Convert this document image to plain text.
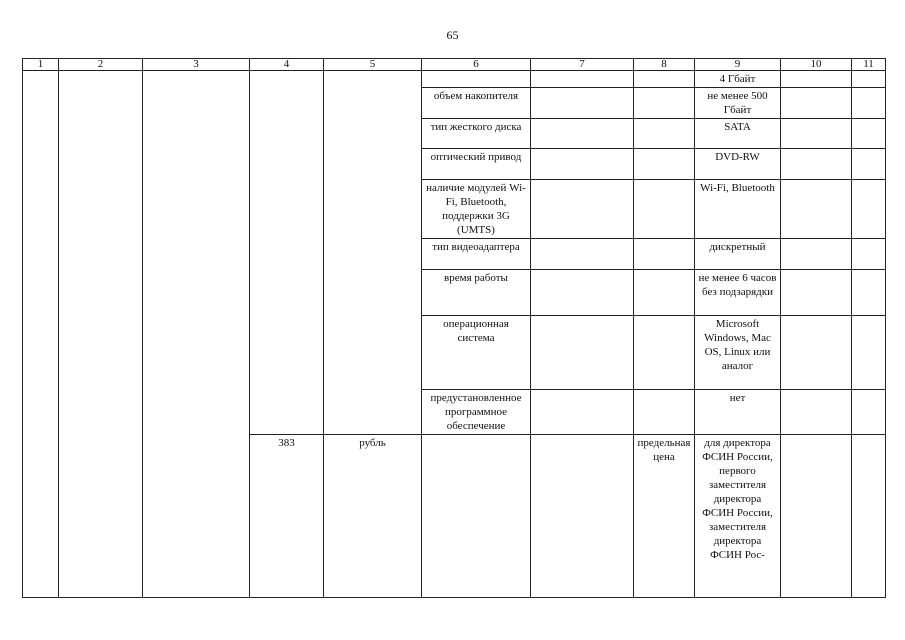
65
1	2	3	4	5	6	7	8	9	10	11
								4 Гбайт		
					объем накопителя			не менее 500 Гбайт		
					тип жесткого диска			SATA		
					оптический привод			DVD-RW		
					наличие модулей Wi-Fi, Bluetooth, поддержки 3G (UMTS)			Wi-Fi, Bluetooth		
					тип видеоадаптера			дискретный		
					время работы			не менее 6 часов без подзарядки		
					операционная система			Microsoft Windows, Mac OS, Linux или аналог		
					предустановленное программное обеспечение			нет		
			383	рубль			предельная цена	для директора ФСИН России, первого заместителя директора ФСИН России, заместителя директора ФСИН Рос-		
